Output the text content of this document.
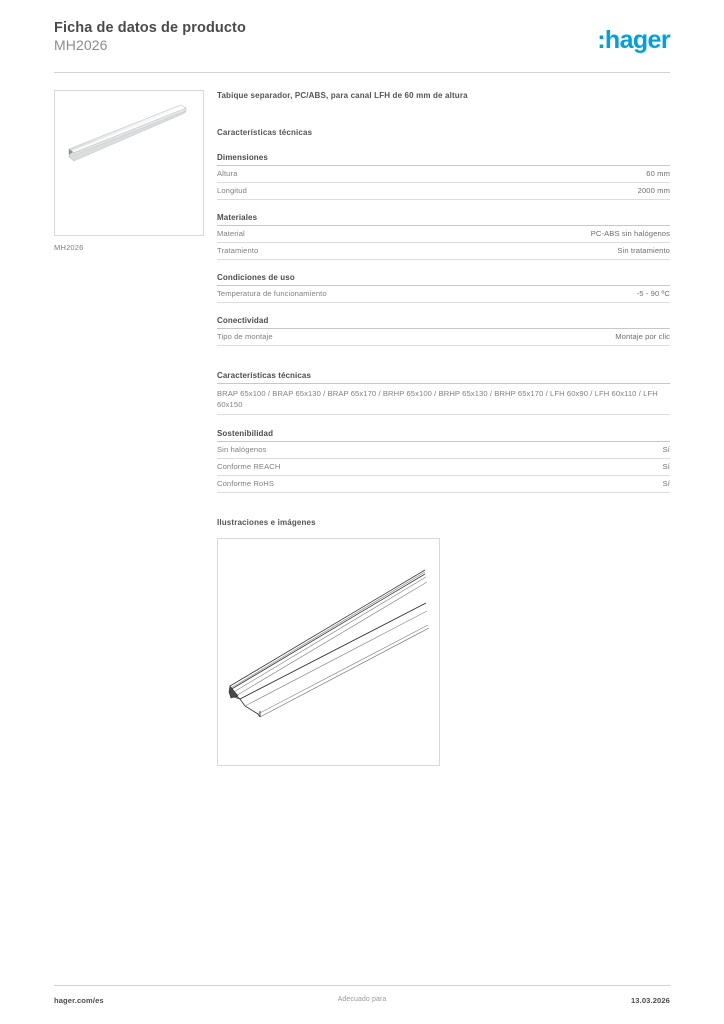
Ficha de datos de producto
MH2026	:hager
MH2026
Tabique separador, PC/ABS, para canal LFH de 60 mm de altura
Características técnicas
Dimensiones
Altura	60 mm
Longitud	2000 mm
Materiales
Material	PC-ABS sin halógenos
Tratamiento	Sin tratamiento
Condiciones de uso
Temperatura de funcionamiento	-5 - 90 ºC
Conectividad
Tipo de montaje	Montaje por clic
Características técnicas
BRAP 65x100 / BRAP 65x130 / BRAP 65x170 / BRHP 65x100 / BRHP 65x130 / BRHP 65x170 / LFH 60x90 / LFH 60x110 / LFH 60x150
Sostenibilidad
Sin halógenos	Sí
Conforme REACH	Sí
Conforme RoHS	Sí
Ilustraciones e imágenes
hager.com/es	Adecuado para	13.03.2026
